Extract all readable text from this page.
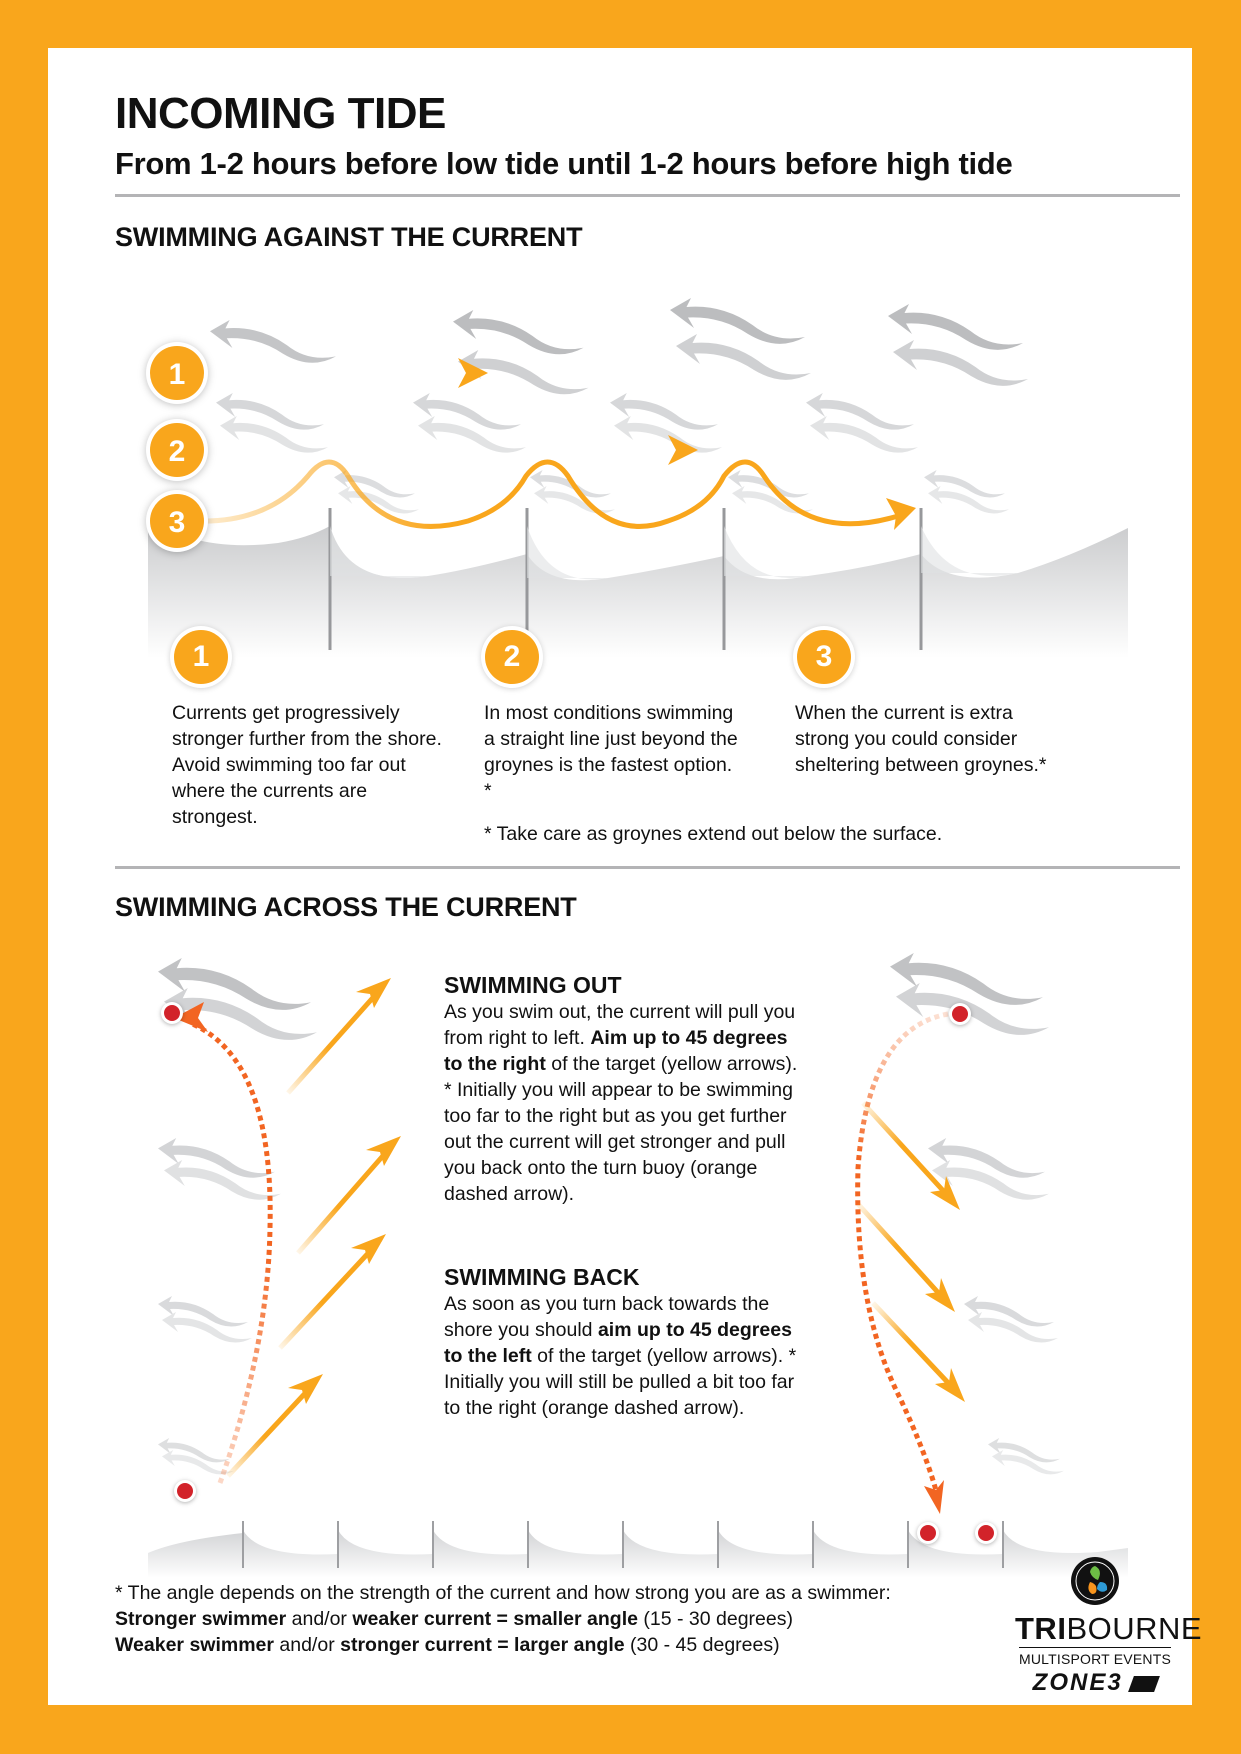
INCOMING TIDE
From 1-2 hours before low tide until 1-2 hours before high tide
SWIMMING AGAINST THE CURRENT
1
2
3
1	2	3
Currents get progressively stronger further from the shore. Avoid swimming too far out where the currents are strongest.
In most conditions swimming a straight line just beyond the groynes is the fastest option. *
When the current is extra strong you could consider sheltering between groynes.*
* Take care as groynes extend out below the surface.
SWIMMING ACROSS THE CURRENT
SWIMMING OUT
As you swim out, the current will pull you from right to left. Aim up to 45 degrees to the right of the target (yellow arrows). * Initially you will appear to be swimming too far to the right but as you get further out the current will get stronger and pull you back onto the turn buoy (orange dashed arrow).
SWIMMING BACK
As soon as you turn back towards the shore you should aim up to 45 degrees to the left of the target (yellow arrows). * Initially you will still be pulled a bit too far to the right (orange dashed arrow).
* The angle depends on the strength of the current and how strong you are as a swimmer:
Stronger swimmer and/or weaker current = smaller angle (15 - 30 degrees)
Weaker swimmer and/or stronger current = larger angle (30 - 45 degrees)	TRIBOURNE
MULTISPORT EVENTS
ZONE3
